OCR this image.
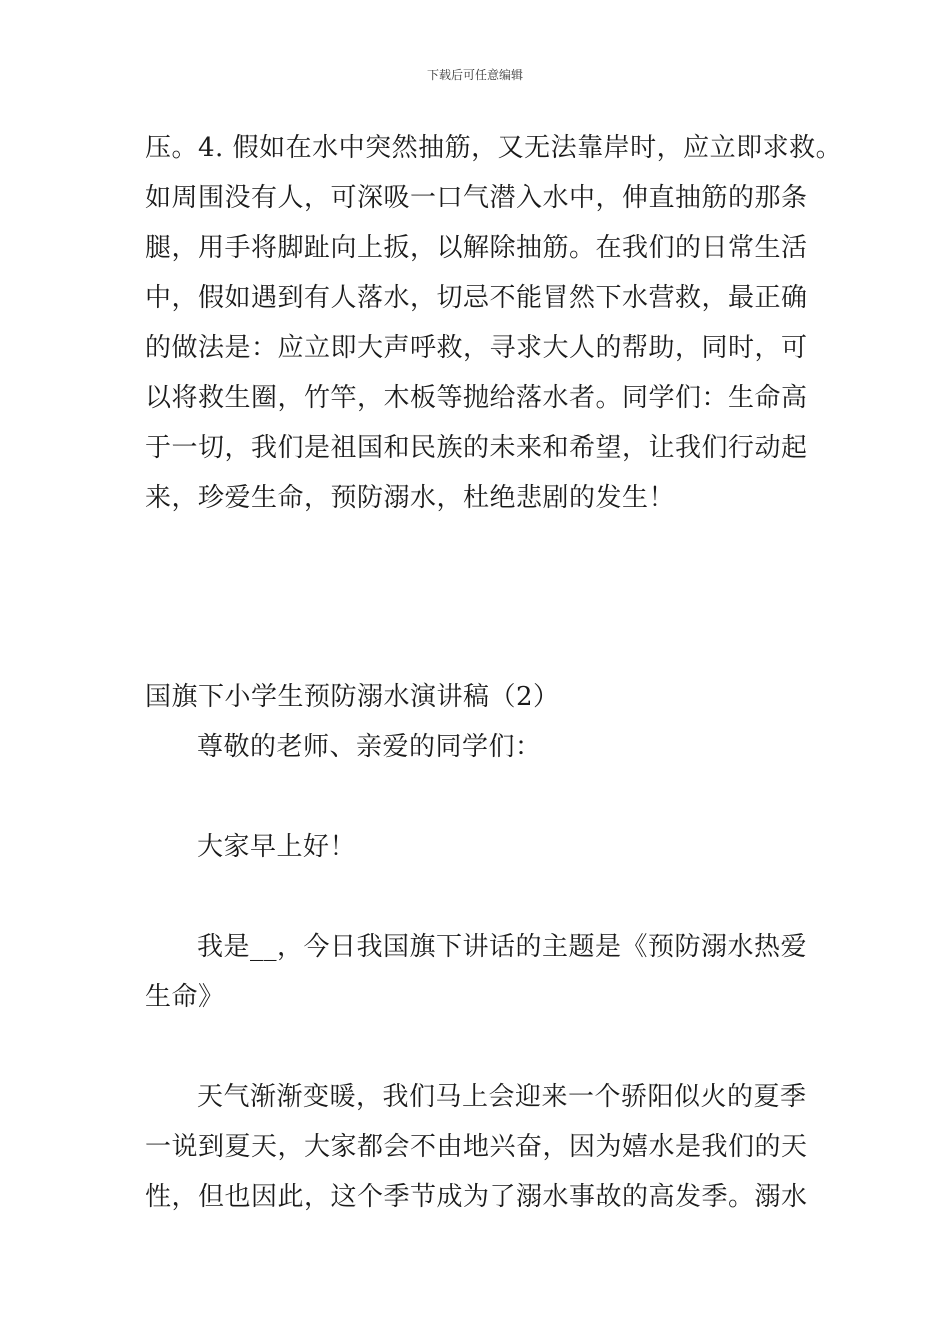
下载后可任意编辑
压。4. 假如在水中突然抽筋，又无法靠岸时，应立即求救。
如周围没有人，可深吸一口气潜入水中，伸直抽筋的那条
腿，用手将脚趾向上扳，以解除抽筋。在我们的日常生活
中，假如遇到有人落水，切忌不能冒然下水营救，最正确
的做法是：应立即大声呼救，寻求大人的帮助，同时，可
以将救生圈，竹竿，木板等抛给落水者。同学们：生命高
于一切，我们是祖国和民族的未来和希望，让我们行动起
来，珍爱生命，预防溺水，杜绝悲剧的发生！
国旗下小学生预防溺水演讲稿（2）
尊敬的老师、亲爱的同学们：
大家早上好！
我是__，今日我国旗下讲话的主题是《预防溺水热爱
生命》
天气渐渐变暖，我们马上会迎来一个骄阳似火的夏季
一说到夏天，大家都会不由地兴奋，因为嬉水是我们的天
性，但也因此，这个季节成为了溺水事故的高发季。溺水
